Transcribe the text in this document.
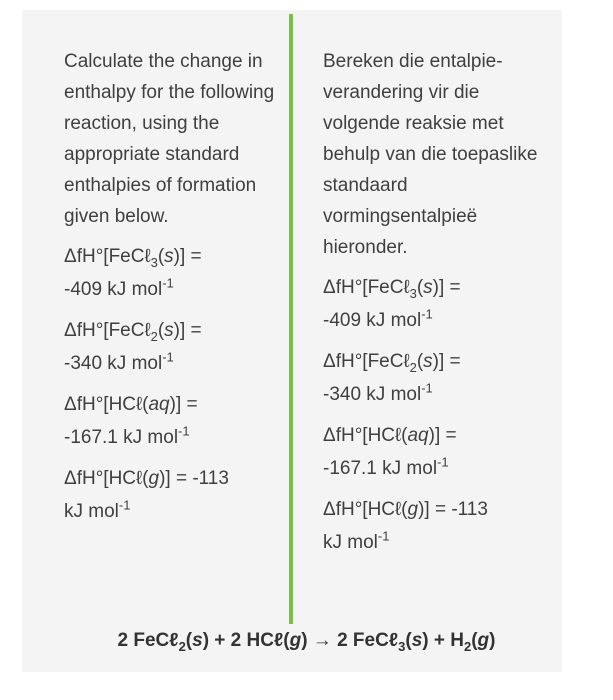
Calculate the change in enthalpy for the following reaction, using the appropriate standard enthalpies of formation given below.

ΔfH°[FeCℓ$_3$(s)] =
-409 kJ mol$^{-1}$
ΔfH°[FeCℓ$_2$(s)] =
-340 kJ mol$^{-1}$
ΔfH°[HCℓ(aq)] =
-167.1 kJ mol$^{-1}$
ΔfH°[HCℓ(g)] = -113
kJ mol$^{-1}$

Bereken die entalpie-verandering vir die volgende reaksie met behulp van die toepaslike standaard vormingsentalpieë hieronder.

ΔfH°[FeCℓ$_3$(s)] =
-409 kJ mol$^{-1}$
ΔfH°[FeCℓ$_2$(s)] =
-340 kJ mol$^{-1}$
ΔfH°[HCℓ(aq)] =
-167.1 kJ mol$^{-1}$
ΔfH°[HCℓ(g)] = -113
kJ mol$^{-1}$
2 FeCℓ$_2$(s) + 2 HCℓ(g) → 2 FeCℓ$_3$(s) + $H_2(g)$
